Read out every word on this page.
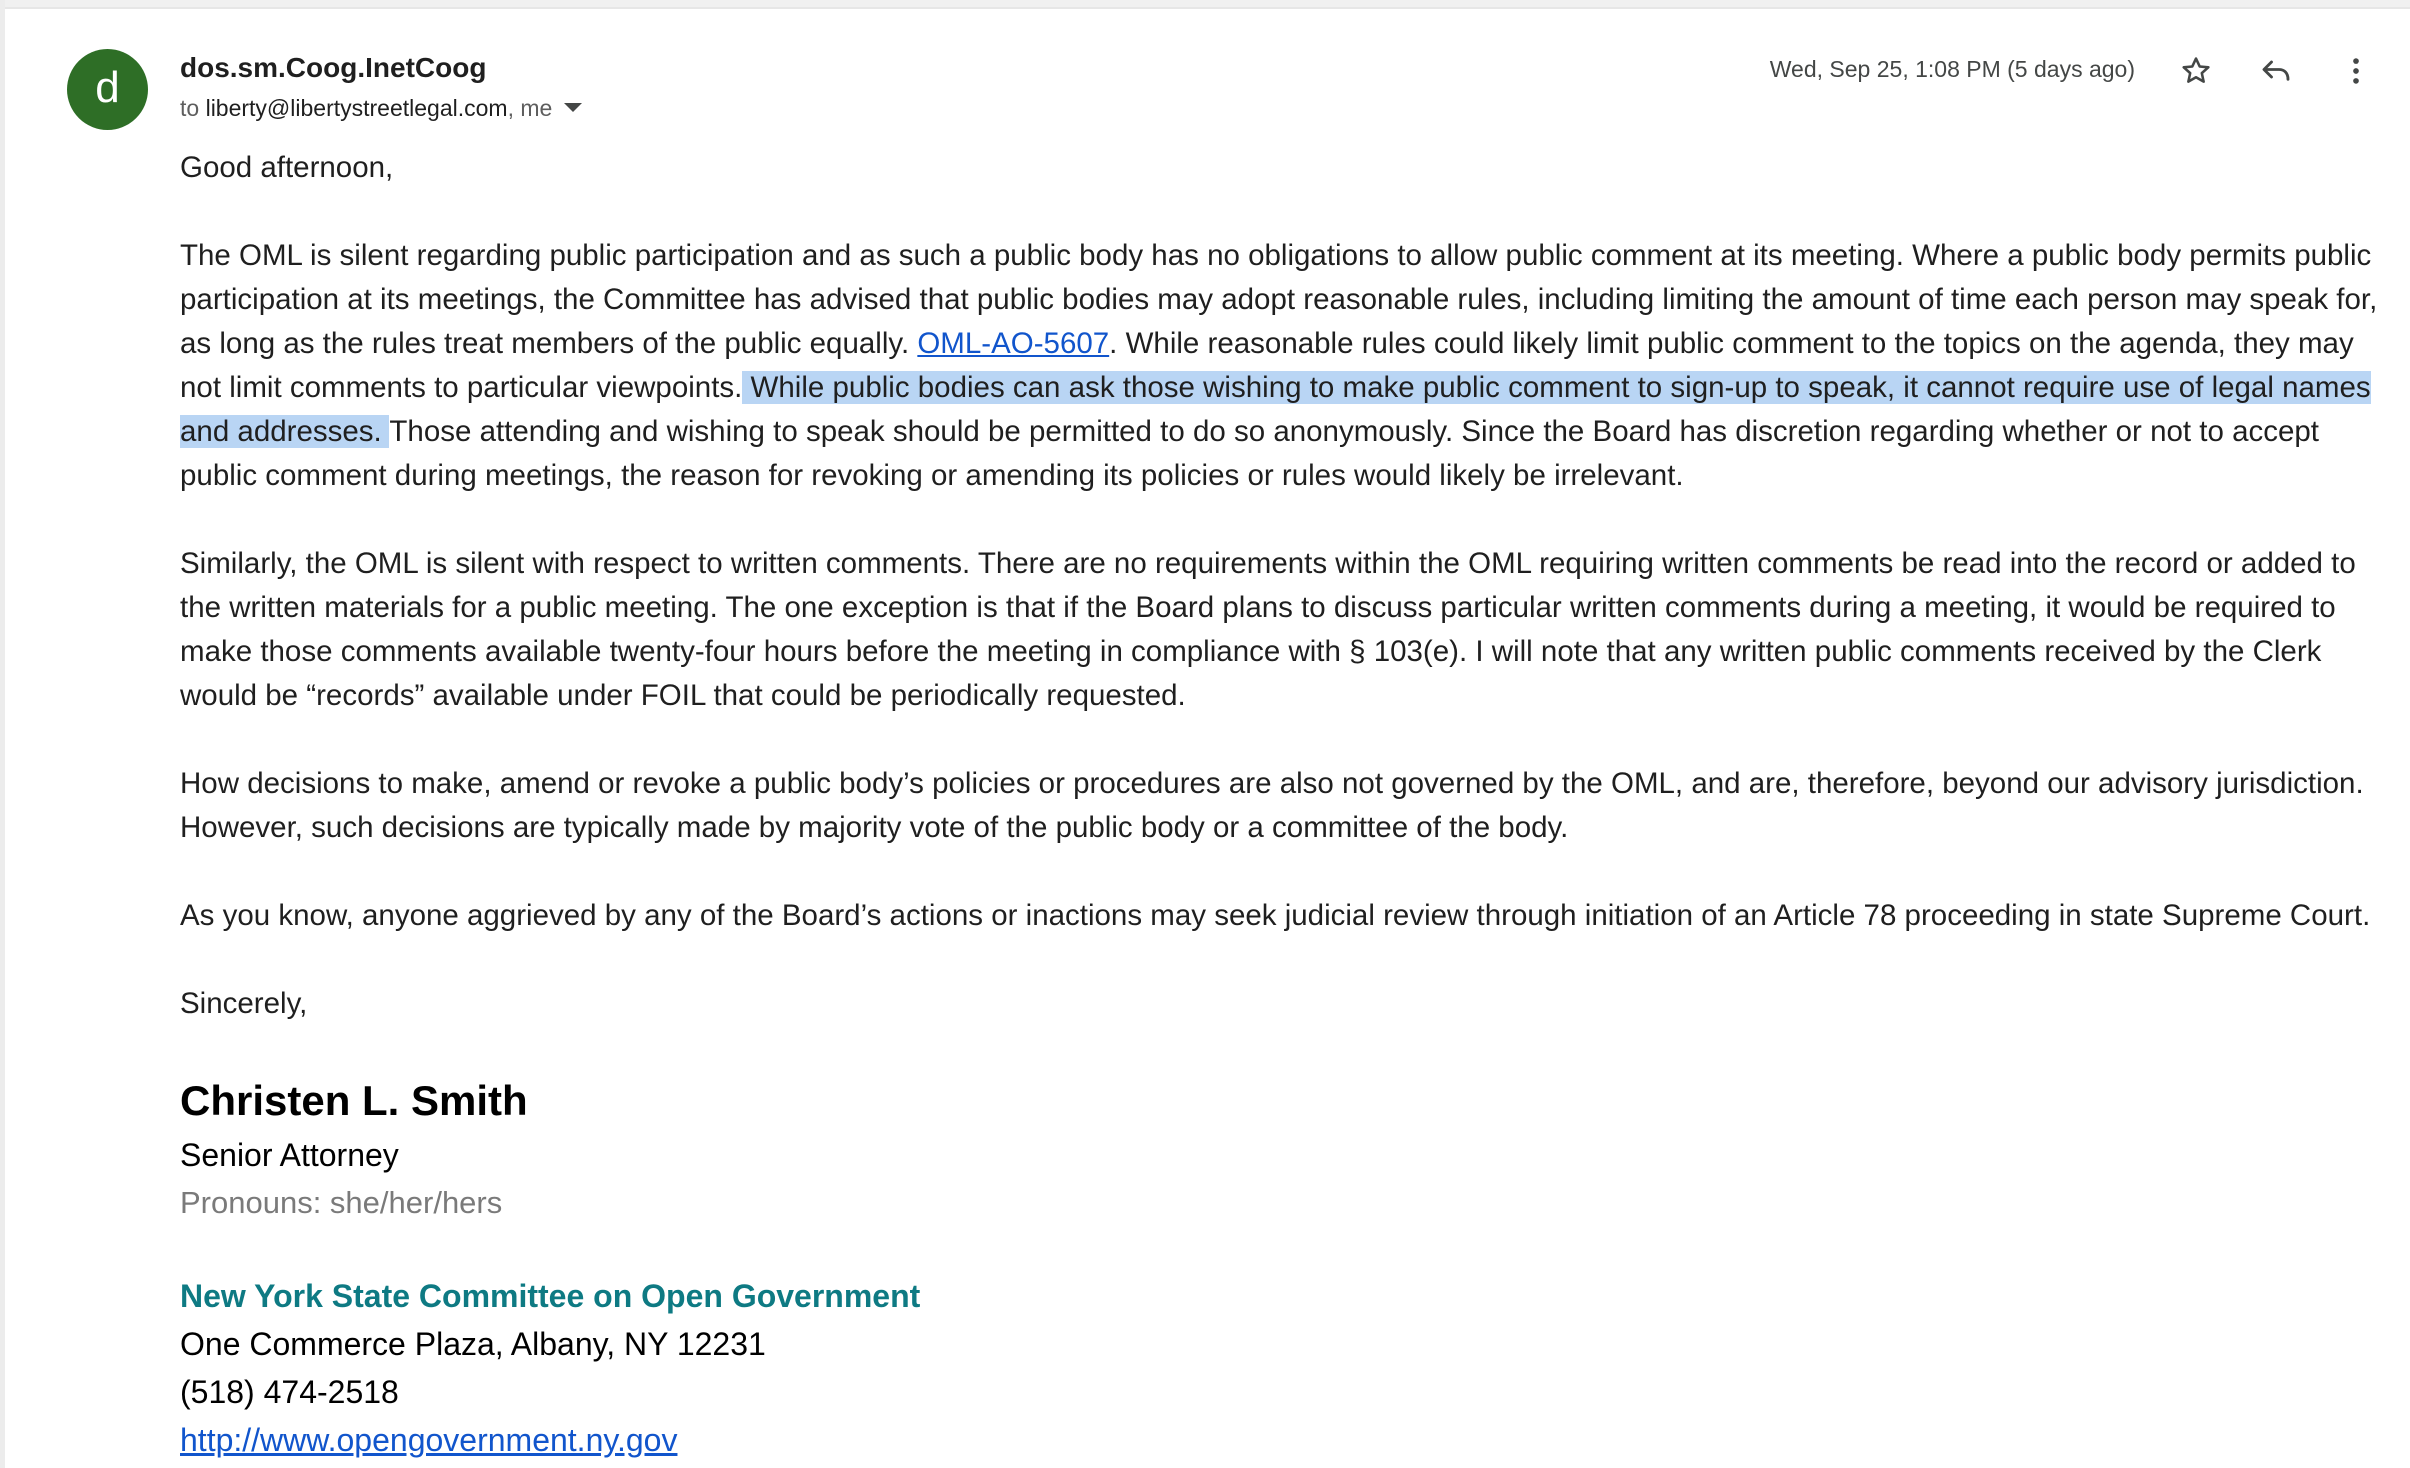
d	dos.sm.Coog.InetCoog
to liberty@libertystreetlegal.com, me
Wed, Sep 25, 1:08 PM (5 days ago)

Good afternoon,

The OML is silent regarding public participation and as such a public body has no obligations to allow public comment at its meeting. Where a public body permits public participation at its meetings, the Committee has advised that public bodies may adopt reasonable rules, including limiting the amount of time each person may speak for, as long as the rules treat members of the public equally. OML-AO-5607. While reasonable rules could likely limit public comment to the topics on the agenda, they may not limit comments to particular viewpoints. While public bodies can ask those wishing to make public comment to sign-up to speak, it cannot require use of legal names and addresses. Those attending and wishing to speak should be permitted to do so anonymously. Since the Board has discretion regarding whether or not to accept public comment during meetings, the reason for revoking or amending its policies or rules would likely be irrelevant.

Similarly, the OML is silent with respect to written comments. There are no requirements within the OML requiring written comments be read into the record or added to the written materials for a public meeting. The one exception is that if the Board plans to discuss particular written comments during a meeting, it would be required to make those comments available twenty-four hours before the meeting in compliance with § 103(e). I will note that any written public comments received by the Clerk would be “records” available under FOIL that could be periodically requested.

How decisions to make, amend or revoke a public body’s policies or procedures are also not governed by the OML, and are, therefore, beyond our advisory jurisdiction. However, such decisions are typically made by majority vote of the public body or a committee of the body.

As you know, anyone aggrieved by any of the Board’s actions or inactions may seek judicial review through initiation of an Article 78 proceeding in state Supreme Court.

Sincerely,

Christen L. Smith
Senior Attorney
Pronouns: she/her/hers
New York State Committee on Open Government
One Commerce Plaza, Albany, NY 12231
(518) 474-2518
http://www.opengovernment.ny.gov
